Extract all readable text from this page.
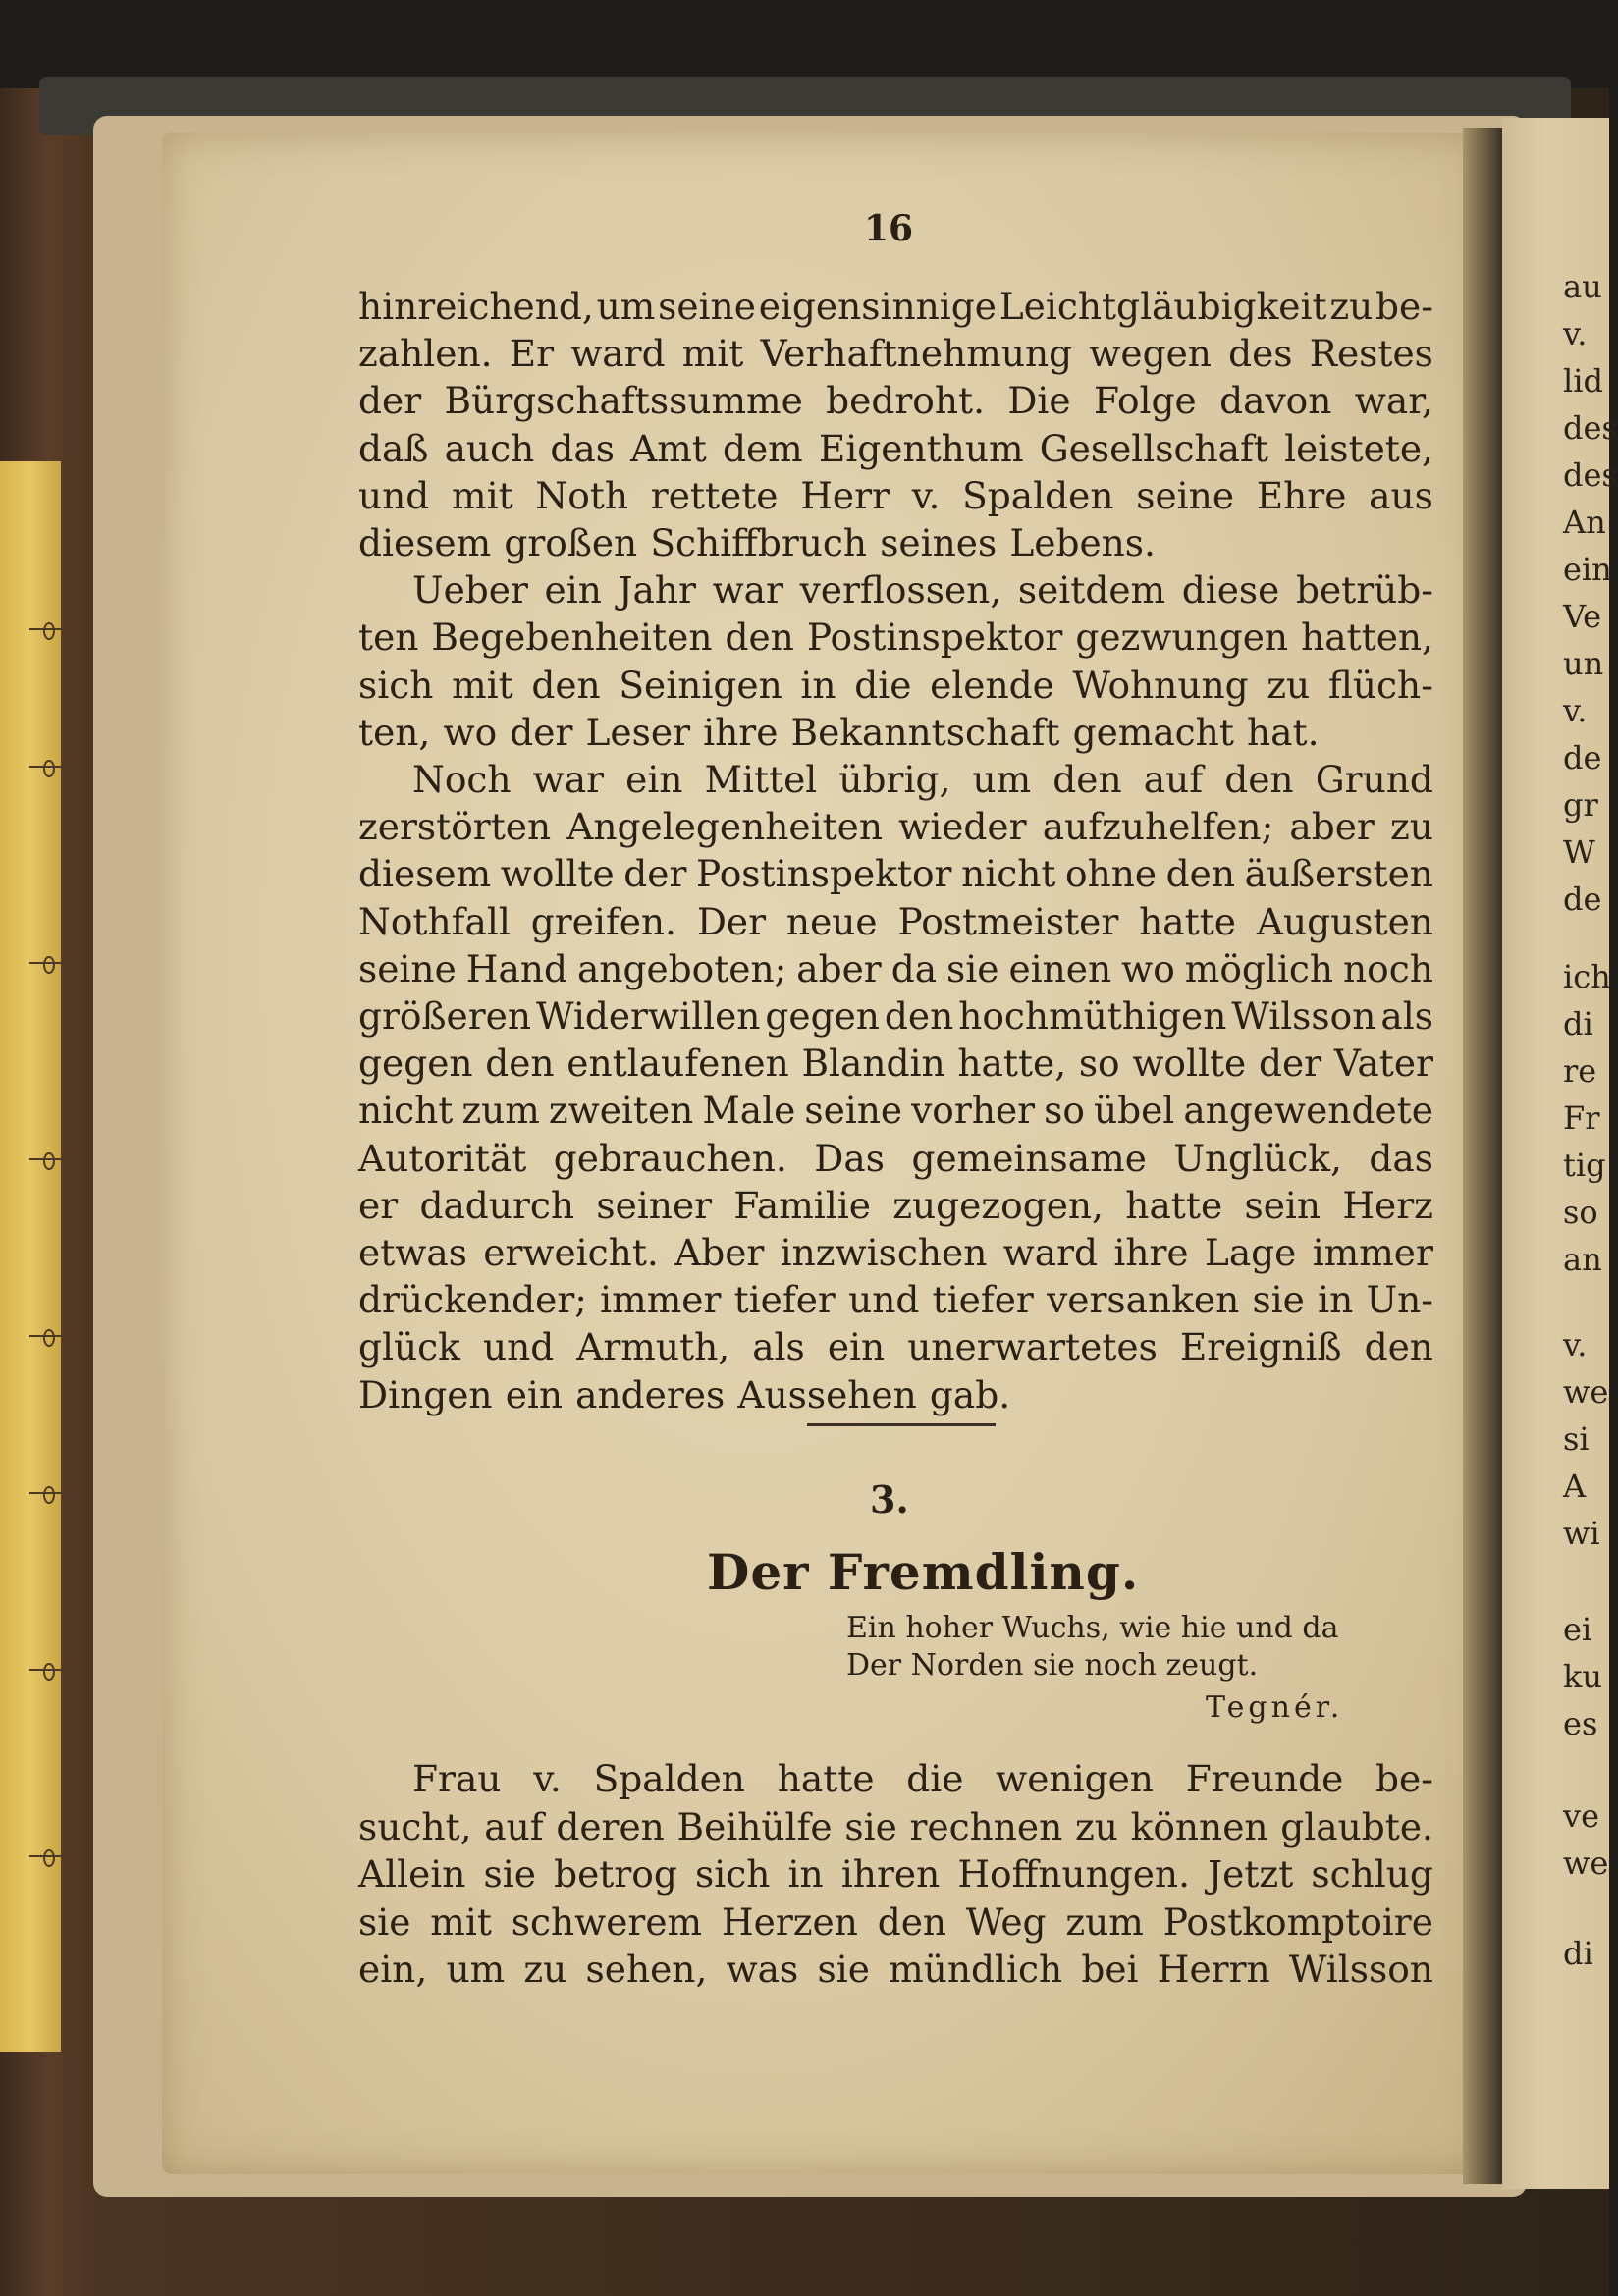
au
v.
lid
des
des
An
ein
Ve
un
v.
de
gr
W
de
ich
di
re
Fr
tig
so
an
v.
we
si
A
wi
ei
ku
es
ve
we
di
16
hinreichend, um seine eigensinnige Leichtgläubigkeit zu be-
zahlen. Er ward mit Verhaftnehmung wegen des Restes
der Bürgschaftssumme bedroht. Die Folge davon war,
daß auch das Amt dem Eigenthum Gesellschaft leistete,
und mit Noth rettete Herr v. Spalden seine Ehre aus
diesem großen Schiffbruch seines Lebens.
Ueber ein Jahr war verflossen, seitdem diese betrüb-
ten Begebenheiten den Postinspektor gezwungen hatten,
sich mit den Seinigen in die elende Wohnung zu flüch-
ten, wo der Leser ihre Bekanntschaft gemacht hat.
Noch war ein Mittel übrig, um den auf den Grund
zerstörten Angelegenheiten wieder aufzuhelfen; aber zu
diesem wollte der Postinspektor nicht ohne den äußersten
Nothfall greifen. Der neue Postmeister hatte Augusten
seine Hand angeboten; aber da sie einen wo möglich noch
größeren Widerwillen gegen den hochmüthigen Wilsson als
gegen den entlaufenen Blandin hatte, so wollte der Vater
nicht zum zweiten Male seine vorher so übel angewendete
Autorität gebrauchen. Das gemeinsame Unglück, das
er dadurch seiner Familie zugezogen, hatte sein Herz
etwas erweicht. Aber inzwischen ward ihre Lage immer
drückender; immer tiefer und tiefer versanken sie in Un-
glück und Armuth, als ein unerwartetes Ereigniß den
Dingen ein anderes Aussehen gab.
3.
Der Fremdling.
Ein hoher Wuchs, wie hie und da
Der Norden sie noch zeugt.
Tegnér.
Frau v. Spalden hatte die wenigen Freunde be-
sucht, auf deren Beihülfe sie rechnen zu können glaubte.
Allein sie betrog sich in ihren Hoffnungen. Jetzt schlug
sie mit schwerem Herzen den Weg zum Postkomptoire
ein, um zu sehen, was sie mündlich bei Herrn Wilsson
